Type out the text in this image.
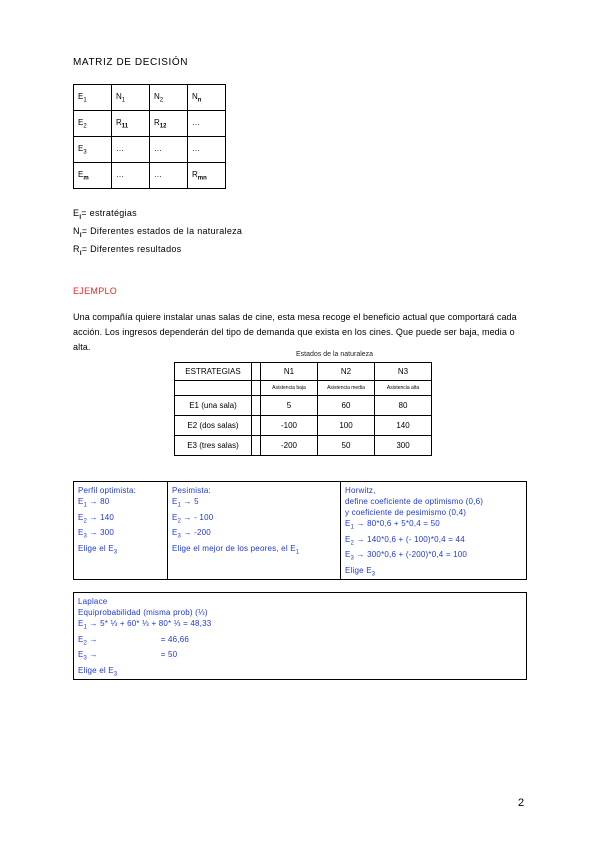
MATRIZ DE DECISIÓN
$E_1$	$N_1$	$N_2$	$N_n$
$E_2$	$R_{11}$	$R_{12}$	…
$E_3$	…	…	…
$E_m$	…	…	$R_{mn}$
$E_I=$ estratégias
$N_I=$ Diferentes estados de la naturaleza
$R_I=$ Diferentes resultados
EJEMPLO
Una compañía quiere instalar unas salas de cine, esta mesa recoge el beneficio actual que comportará cada acción. Los ingresos dependerán del tipo de demanda que exista en los cines. Que puede ser baja, media o alta.
Estados de la naturaleza
ESTRATEGIAS		N1	N2	N3
		Asistencia baja	Asistencia media	Asistencia alta
E1 (una sala)		5	60	80
E2 (dos salas)		-100	100	140
E3 (tres salas)		-200	50	300
Perfil optimista:
$E_1 \to 80$
$E_2 \to 140$
$E_3 \to 300$
Elige el $E_3$
Pesimista:
$E_1 \to 5$
$E_2$ → - 100
$E_3 \to -200$
Elige el mejor de los peores, el $E_1$
Horwitz,
define coeficiente de optimismo (0,6)
y coeficiente de pesimismo (0,4)
$E_1 \to 80*0,6 + 5*0,4 = 50$
$E_2 \to 140*0,6$ + (- 100)*0,4 = 44
$E_3 \to 300*0,6 + (-200)*0,4 = 100$
Elige $E_3$
Laplace
Equiprobabilidad (misma prob) (⅓)
$E_1 \to 5*$ ⅓ + 60* ⅓ + 80* ⅓ = 48,33
$E_2$ →                          = 46,66
$E_3$ →                          = 50
Elige el $E_3$
2
